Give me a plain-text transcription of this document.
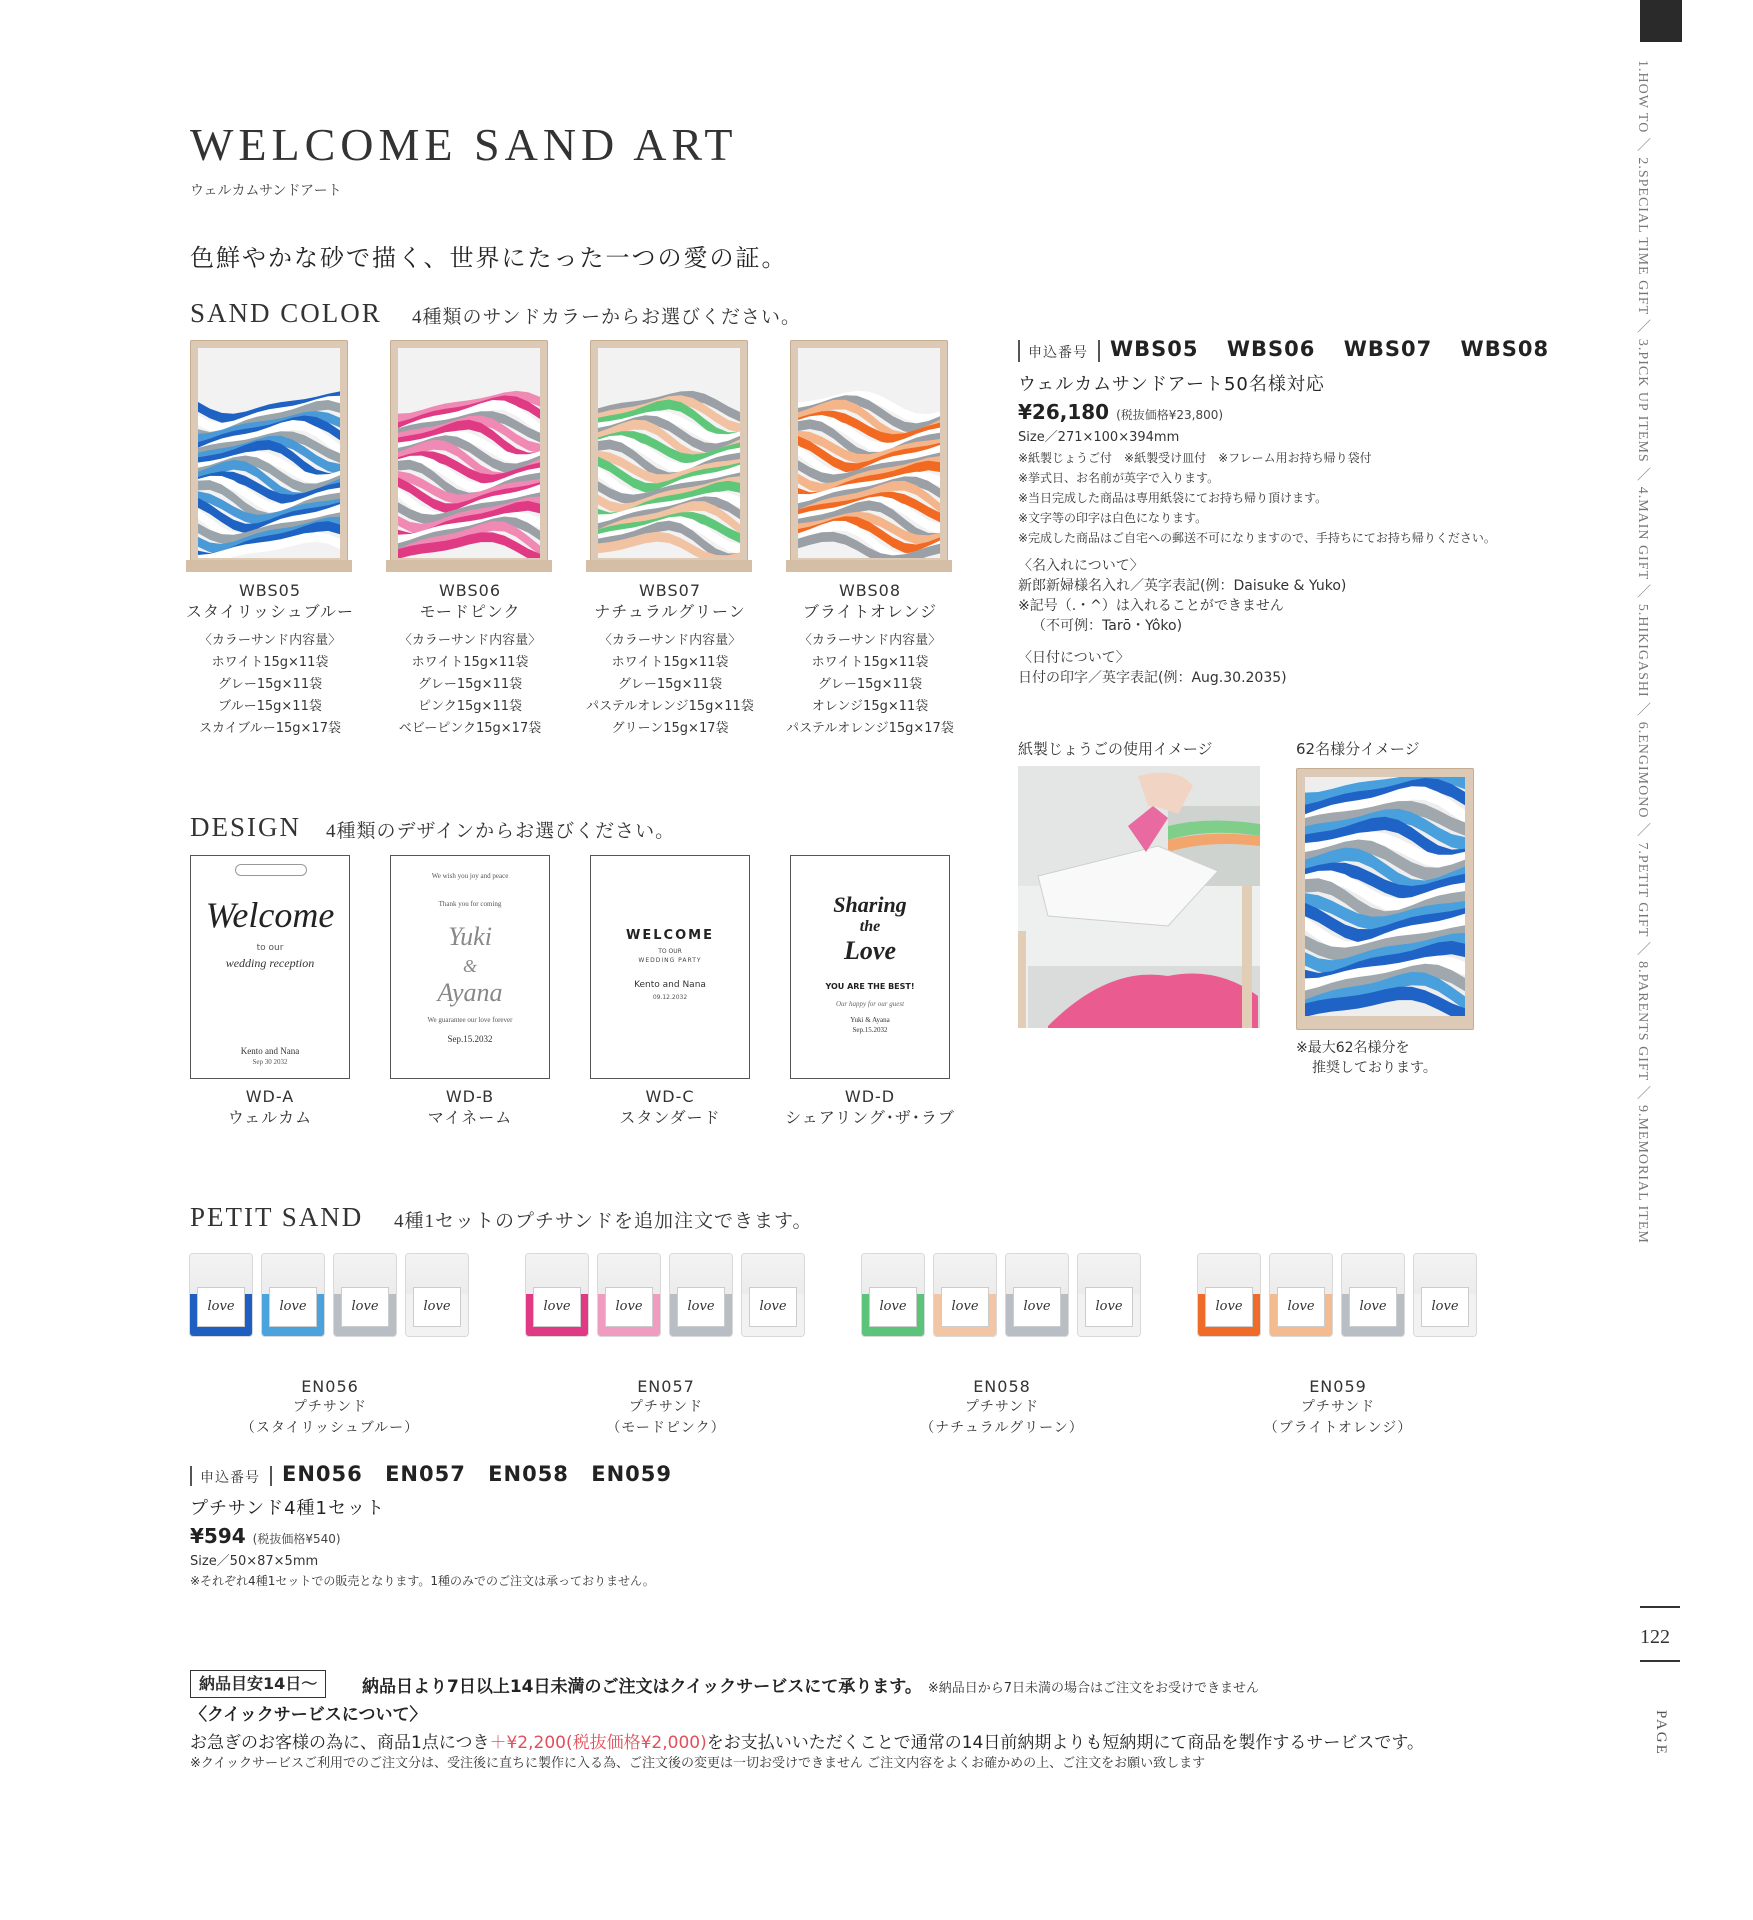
WELCOME SAND ART
ウェルカムサンドアート
色鮮やかな砂で描く、世界にたった一つの愛の証。
SAND COLOR 4種類のサンドカラーからお選びください。
WBS05
スタイリッシュブルー
〈カラーサンド内容量〉
ホワイト15g×11袋
グレー15g×11袋
ブルー15g×11袋
スカイブルー15g×17袋
WBS06
モードピンク
〈カラーサンド内容量〉
ホワイト15g×11袋
グレー15g×11袋
ピンク15g×11袋
ベビーピンク15g×17袋
WBS07
ナチュラルグリーン
〈カラーサンド内容量〉
ホワイト15g×11袋
グレー15g×11袋
パステルオレンジ15g×11袋
グリーン15g×17袋
WBS08
ブライトオレンジ
〈カラーサンド内容量〉
ホワイト15g×11袋
グレー15g×11袋
オレンジ15g×11袋
パステルオレンジ15g×17袋
DESIGN 4種類のデザインからお選びください。
Welcome
to our
wedding reception
Kento and Nana
Sep 30 2032
We wish you joy and peace
Thank you for coming
Yuki
&
Ayana
We guarantee our love forever
Sep.15.2032
WELCOME
TO OUR
WEDDING PARTY
Kento and Nana
09.12.2032
Sharing
the
Love
YOU ARE THE BEST!
Our happy for our guest
Yuki & Ayana
Sep.15.2032
WD-A
ウェルカム
WD-B
マイネーム
WD-C
スタンダード
WD-D
シェアリング･ザ･ラブ
申込番号 WBS05 WBS06 WBS07 WBS08
ウェルカムサンドアート50名様対応
¥26,180 (税抜価格¥23,800)
Size／271×100×394mm
※紙製じょうご付　※紙製受け皿付　※フレーム用お持ち帰り袋付
※挙式日、お名前が英字で入ります。
※当日完成した商品は専用紙袋にてお持ち帰り頂けます。
※文字等の印字は白色になります。
※完成した商品はご自宅への郵送不可になりますので、手持ちにてお持ち帰りください。
〈名入れについて〉
新郎新婦様名入れ／英字表記(例：Daisuke & Yuko)
※記号（.・^）は入れることができません
（不可例：Tarō・Yôko)
〈日付について〉
日付の印字／英字表記(例：Aug.30.2035)
紙製じょうごの使用イメージ	62名様分イメージ
※最大62名様分を
推奨しております。
PETIT SAND 4種1セットのプチサンドを追加注文できます。
love	love	love	love
EN056
プチサンド
（スタイリッシュブルー）
love	love	love	love
EN057
プチサンド
（モードピンク）
love	love	love	love
EN058
プチサンド
（ナチュラルグリーン）
love	love	love	love
EN059
プチサンド
（ブライトオレンジ）
申込番号 EN056 EN057 EN058 EN059
プチサンド4種1セット
¥594 (税抜価格¥540)
Size／50×87×5mm
※それぞれ4種1セットでの販売となります。1種のみでのご注文は承っておりません。
納品目安14日～	納品日より7日以上14日未満のご注文はクイックサービスにて承ります。 ※納品日から7日未満の場合はご注文をお受けできません
〈クイックサービスについて〉
お急ぎのお客様の為に、商品1点につき＋¥2,200(税抜価格¥2,000)をお支払いいただくことで通常の14日前納期よりも短納期にて商品を製作するサービスです。
※クイックサービスご利用でのご注文分は、受注後に直ちに製作に入る為、ご注文後の変更は一切お受けできません ご注文内容をよくお確かめの上、ご注文をお願い致します
1.HOW TO ／ 2.SPECIAL TIME GIFT ／ 3.PICK UP ITEMS ／ 4.MAIN GIFT ／ 5.HIKIGASHI ／ 6.ENGIMONO ／ 7.PETIT GIFT ／ 8.PARENTS GIFT ／ 9.MEMORIAL ITEM
122
PAGE
